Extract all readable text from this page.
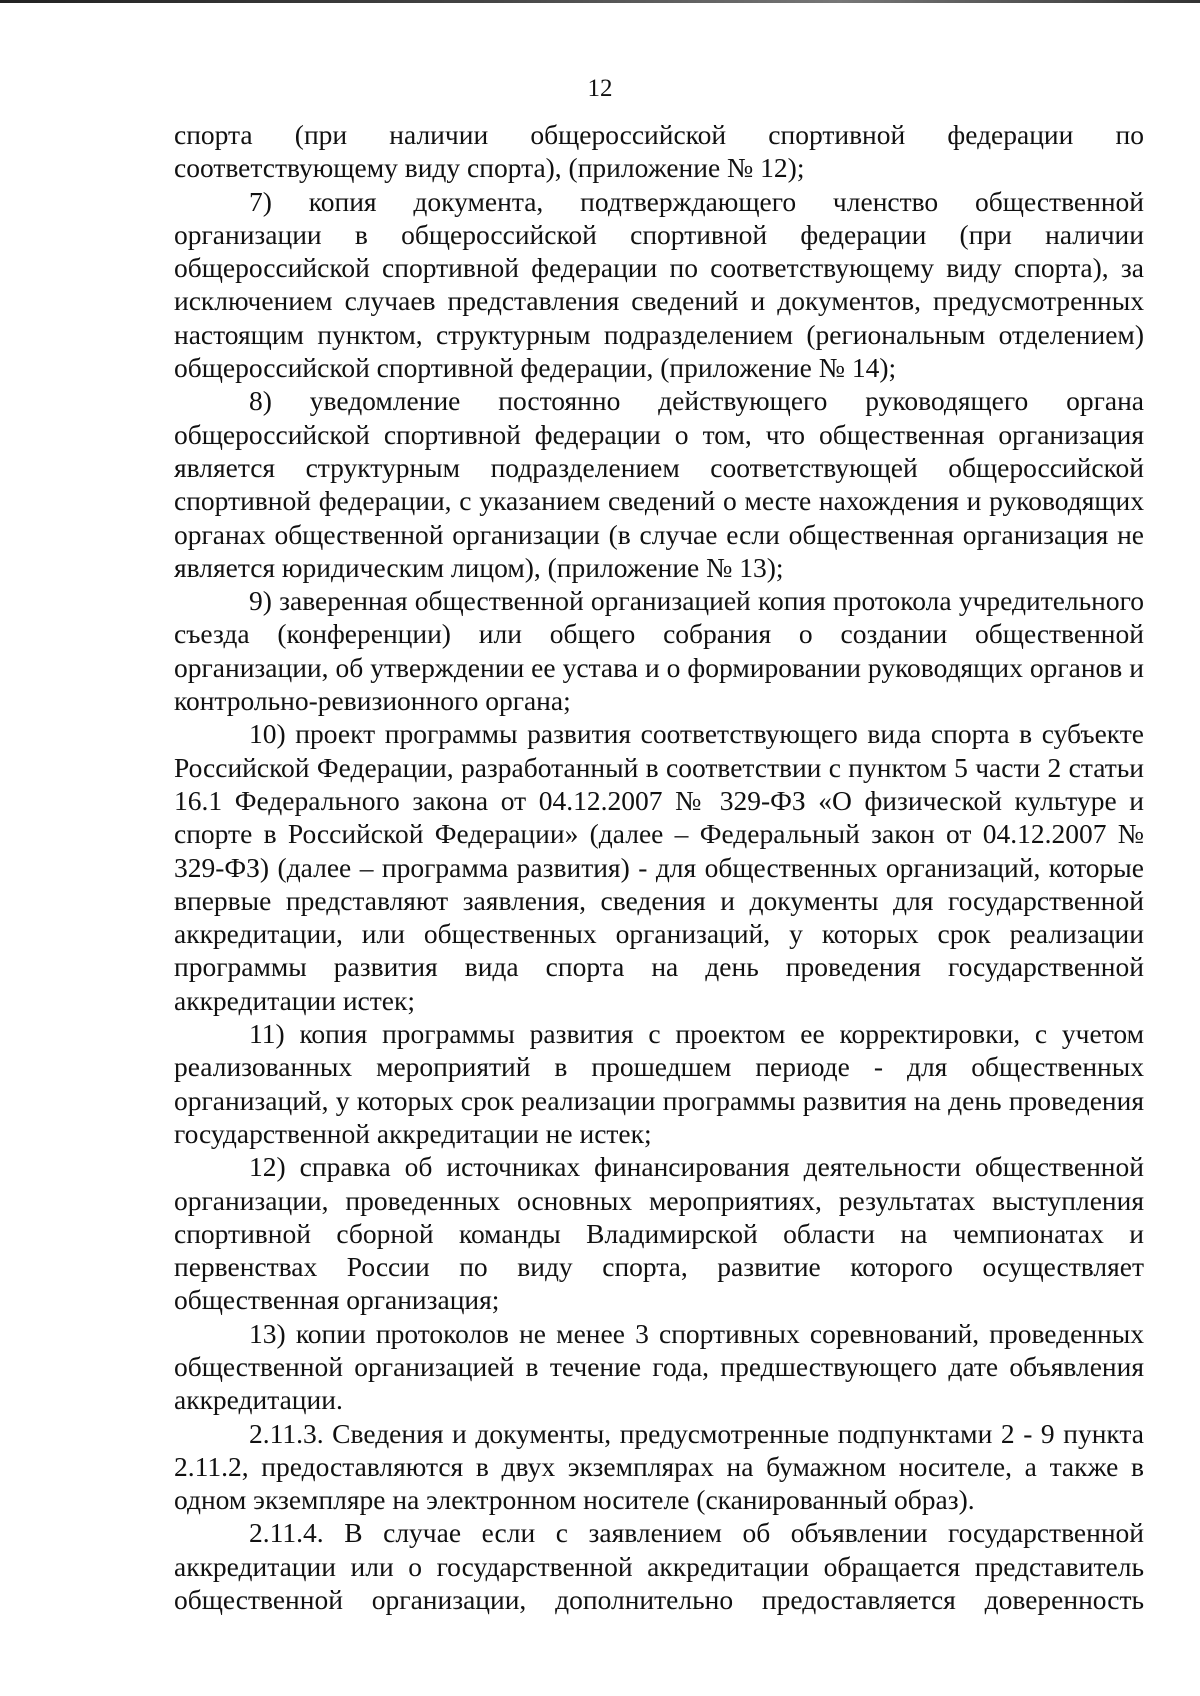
12

спорта (при наличии общероссийской спортивной федерации по соответствующему виду спорта), (приложение № 12);

7) копия документа, подтверждающего членство общественной организации в общероссийской спортивной федерации (при наличии общероссийской спортивной федерации по соответствующему виду спорта), за исключением случаев представления сведений и документов, предусмотренных настоящим пунктом, структурным подразделением (региональным отделением) общероссийской спортивной федерации, (приложение № 14);

8) уведомление постоянно действующего руководящего органа общероссийской спортивной федерации о том, что общественная организация является структурным подразделением соответствующей общероссийской спортивной федерации, с указанием сведений о месте нахождения и руководящих органах общественной организации (в случае если общественная организация не является юридическим лицом), (приложение № 13);

9) заверенная общественной организацией копия протокола учредительного съезда (конференции) или общего собрания о создании общественной организации, об утверждении ее устава и о формировании руководящих органов и контрольно-ревизионного органа;

10) проект программы развития соответствующего вида спорта в субъекте Российской Федерации, разработанный в соответствии с пунктом 5 части 2 статьи 16.1 Федерального закона от 04.12.2007 № 329-ФЗ «О физической культуре и спорте в Российской Федерации» (далее – Федеральный закон от 04.12.2007 № 329-ФЗ) (далее – программа развития) - для общественных организаций, которые впервые представляют заявления, сведения и документы для государственной аккредитации, или общественных организаций, у которых срок реализации программы развития вида спорта на день проведения государственной аккредитации истек;

11) копия программы развития с проектом ее корректировки, с учетом реализованных мероприятий в прошедшем периоде - для общественных организаций, у которых срок реализации программы развития на день проведения государственной аккредитации не истек;

12) справка об источниках финансирования деятельности общественной организации, проведенных основных мероприятиях, результатах выступления спортивной сборной команды Владимирской области на чемпионатах и первенствах России по виду спорта, развитие которого осуществляет общественная организация;

13) копии протоколов не менее 3 спортивных соревнований, проведенных общественной организацией в течение года, предшествующего дате объявления аккредитации.

2.11.3. Сведения и документы, предусмотренные подпунктами 2 - 9 пункта 2.11.2, предоставляются в двух экземплярах на бумажном носителе, а также в одном экземпляре на электронном носителе (сканированный образ).

2.11.4. В случае если с заявлением об объявлении государственной аккредитации или о государственной аккредитации обращается представитель общественной организации, дополнительно предоставляется доверенность
